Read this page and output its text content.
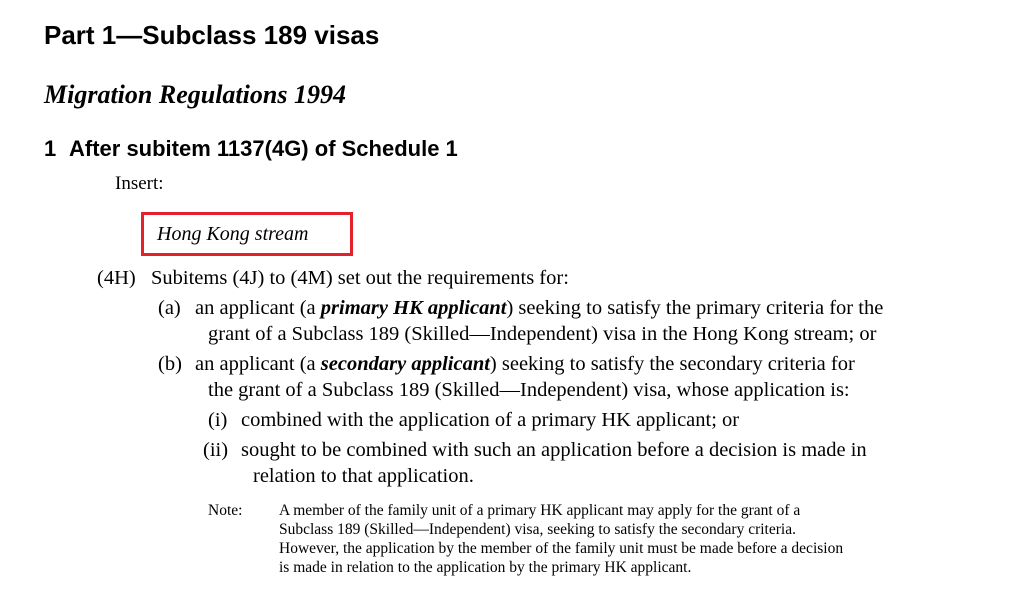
Part 1—Subclass 189 visas
Migration Regulations 1994
1 After subitem 1137(4G) of Schedule 1
Insert:
Hong Kong stream
(4H) Subitems (4J) to (4M) set out the requirements for:
(a) an applicant (a primary HK applicant) seeking to satisfy the primary criteria for the
grant of a Subclass 189 (Skilled—Independent) visa in the Hong Kong stream; or
(b) an applicant (a secondary applicant) seeking to satisfy the secondary criteria for
the grant of a Subclass 189 (Skilled—Independent) visa, whose application is:
(i) combined with the application of a primary HK applicant; or
(ii) sought to be combined with such an application before a decision is made in
relation to that application.
Note: A member of the family unit of a primary HK applicant may apply for the grant of a
Subclass 189 (Skilled—Independent) visa, seeking to satisfy the secondary criteria.
However, the application by the member of the family unit must be made before a decision
is made in relation to the application by the primary HK applicant.
